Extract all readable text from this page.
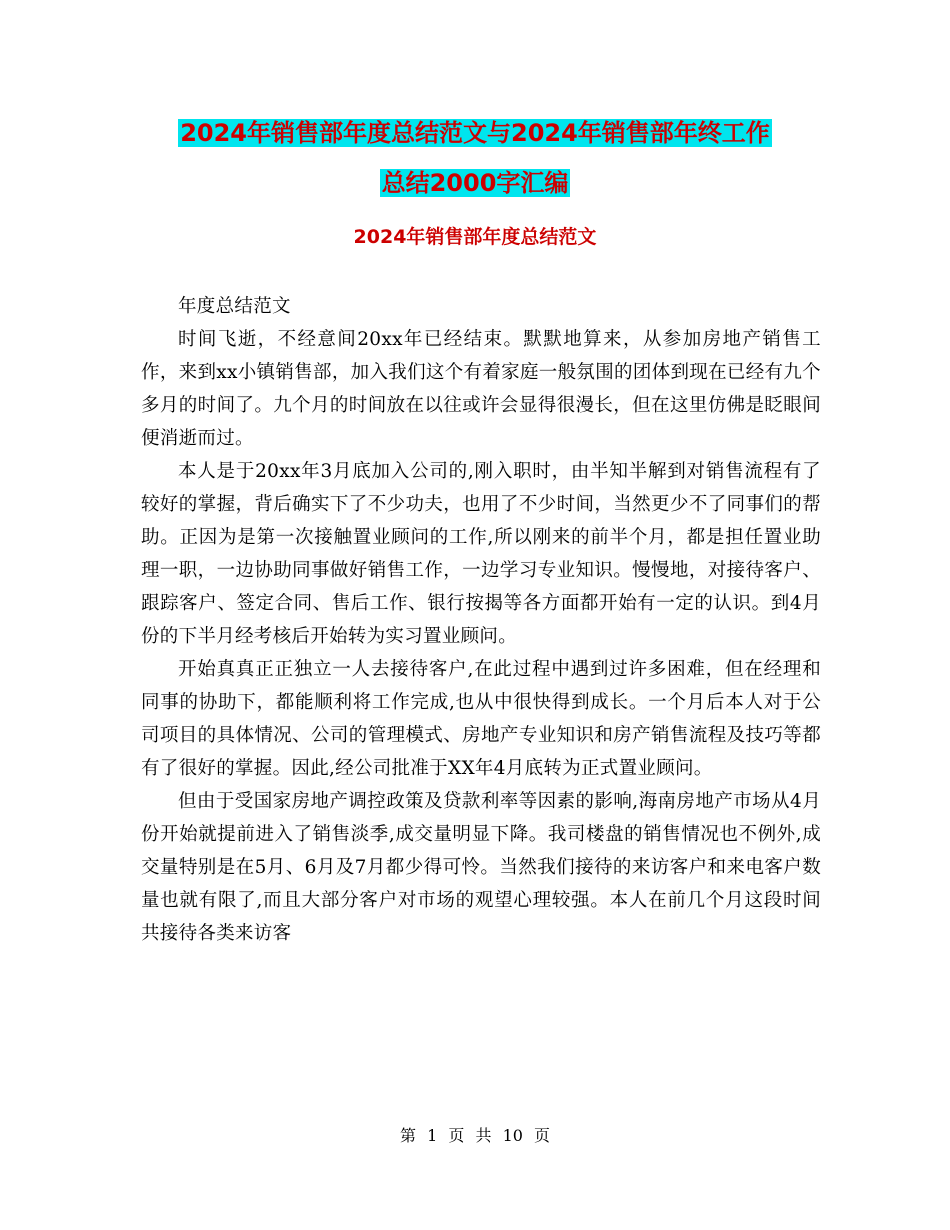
2024年销售部年度总结范文与2024年销售部年终工作
总结2000字汇编
2024年销售部年度总结范文

年度总结范文

时间飞逝，不经意间20xx年已经结束。默默地算来，从参加房地产销售工作，来到xx小镇销售部，加入我们这个有着家庭一般氛围的团体到现在已经有九个多月的时间了。九个月的时间放在以往或许会显得很漫长，但在这里仿佛是眨眼间便消逝而过。

本人是于20xx年3月底加入公司的,刚入职时，由半知半解到对销售流程有了较好的掌握，背后确实下了不少功夫，也用了不少时间，当然更少不了同事们的帮助。正因为是第一次接触置业顾问的工作,所以刚来的前半个月，都是担任置业助理一职，一边协助同事做好销售工作，一边学习专业知识。慢慢地，对接待客户、跟踪客户、签定合同、售后工作、银行按揭等各方面都开始有一定的认识。到4月份的下半月经考核后开始转为实习置业顾问。

开始真真正正独立一人去接待客户,在此过程中遇到过许多困难，但在经理和同事的协助下，都能顺利将工作完成,也从中很快得到成长。一个月后本人对于公司项目的具体情况、公司的管理模式、房地产专业知识和房产销售流程及技巧等都有了很好的掌握。因此,经公司批准于XX年4月底转为正式置业顾问。

但由于受国家房地产调控政策及贷款利率等因素的影响,海南房地产市场从4月份开始就提前进入了销售淡季,成交量明显下降。我司楼盘的销售情况也不例外,成交量特别是在5月、6月及7月都少得可怜。当然我们接待的来访客户和来电客户数量也就有限了,而且大部分客户对市场的观望心理较强。本人在前几个月这段时间共接待各类来访客

第 1 页 共 10 页
